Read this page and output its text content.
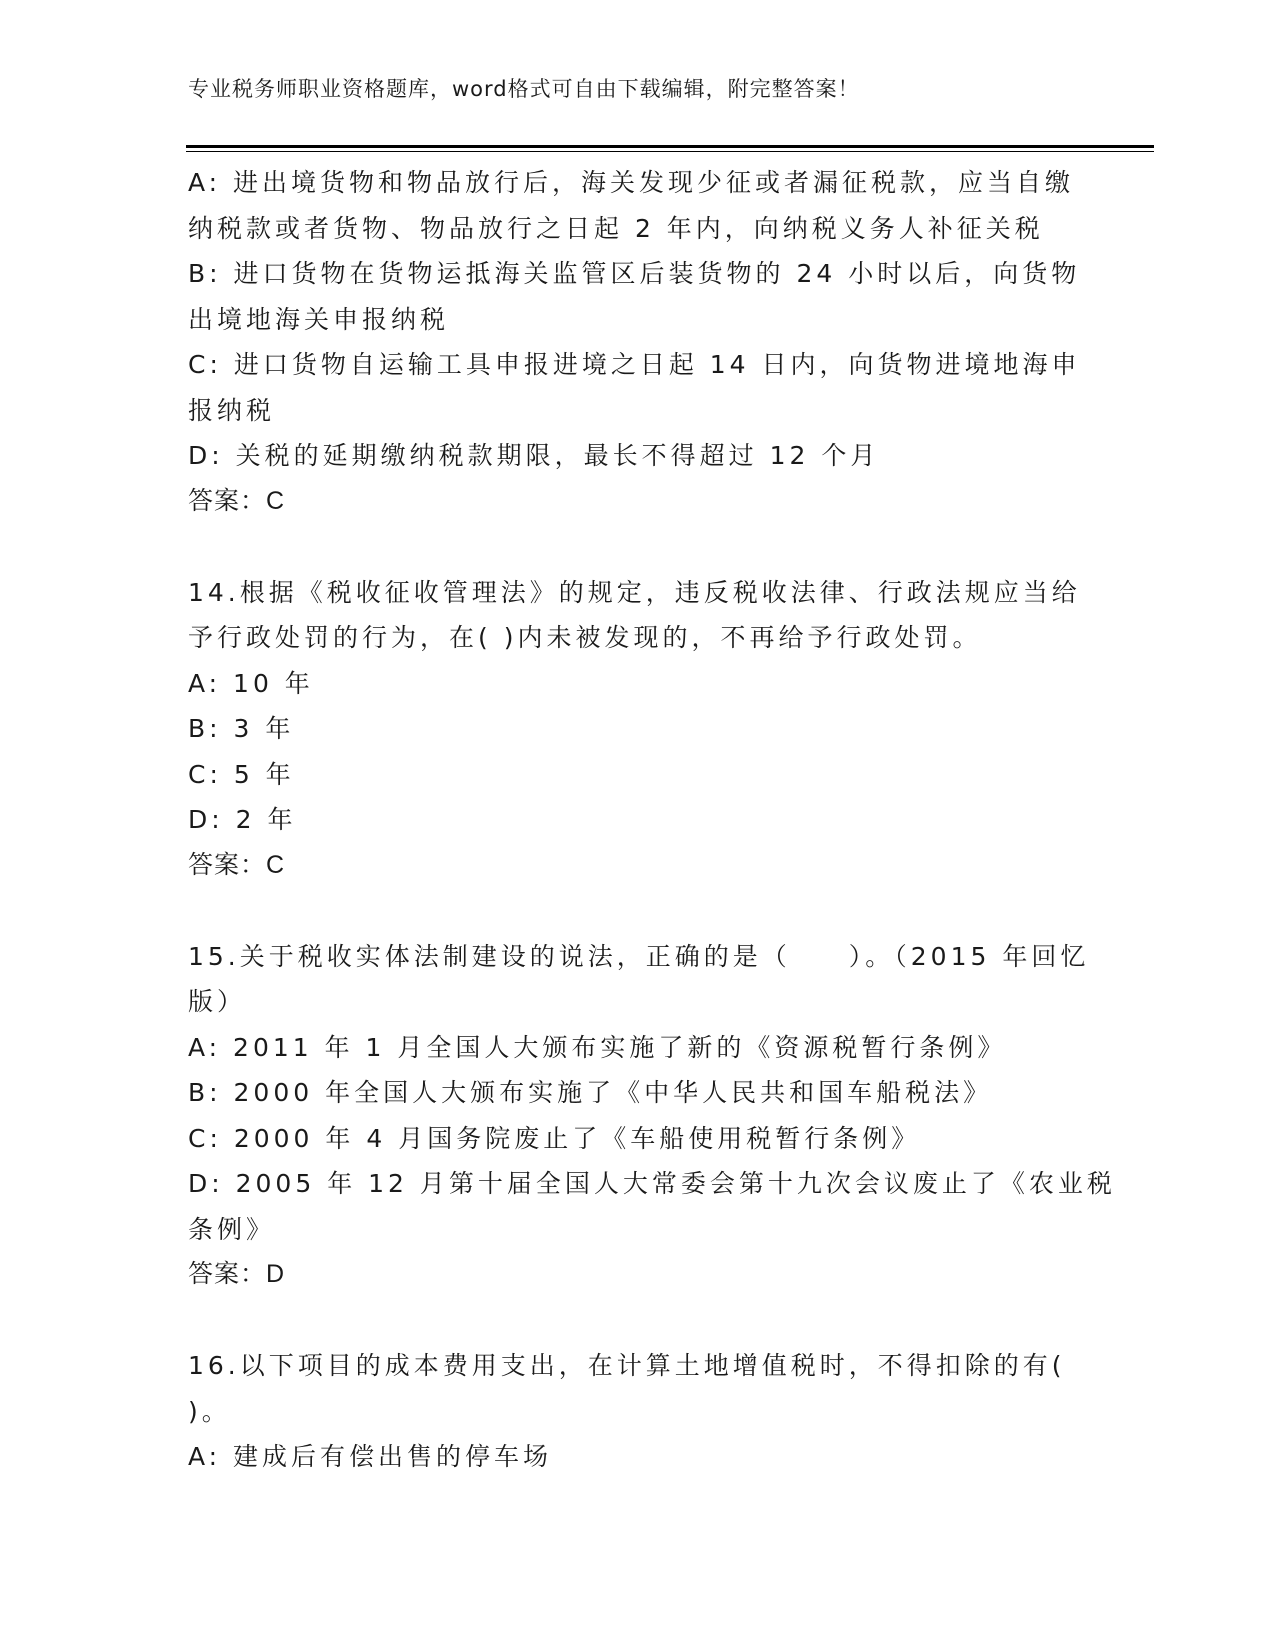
专业税务师职业资格题库，word格式可自由下载编辑，附完整答案！
A: 进出境货物和物品放行后，海关发现少征或者漏征税款，应当自缴
纳税款或者货物、物品放行之日起 2 年内，向纳税义务人补征关税
B: 进口货物在货物运抵海关监管区后装货物的 24 小时以后，向货物
出境地海关申报纳税
C: 进口货物自运输工具申报进境之日起 14 日内，向货物进境地海申
报纳税
D: 关税的延期缴纳税款期限，最长不得超过 12 个月
答案：C
14.根据《税收征收管理法》的规定，违反税收法律、行政法规应当给
予行政处罚的行为，在( )内未被发现的，不再给予行政处罚。
A: 10 年
B: 3 年
C: 5 年
D: 2 年
答案：C
15.关于税收实体法制建设的说法，正确的是（　　）。（2015 年回忆
版）
A: 2011 年 1 月全国人大颁布实施了新的《资源税暂行条例》
B: 2000 年全国人大颁布实施了《中华人民共和国车船税法》
C: 2000 年 4 月国务院废止了《车船使用税暂行条例》
D: 2005 年 12 月第十届全国人大常委会第十九次会议废止了《农业税
条例》
答案：D
16.以下项目的成本费用支出，在计算土地增值税时，不得扣除的有(
)。
A: 建成后有偿出售的停车场
